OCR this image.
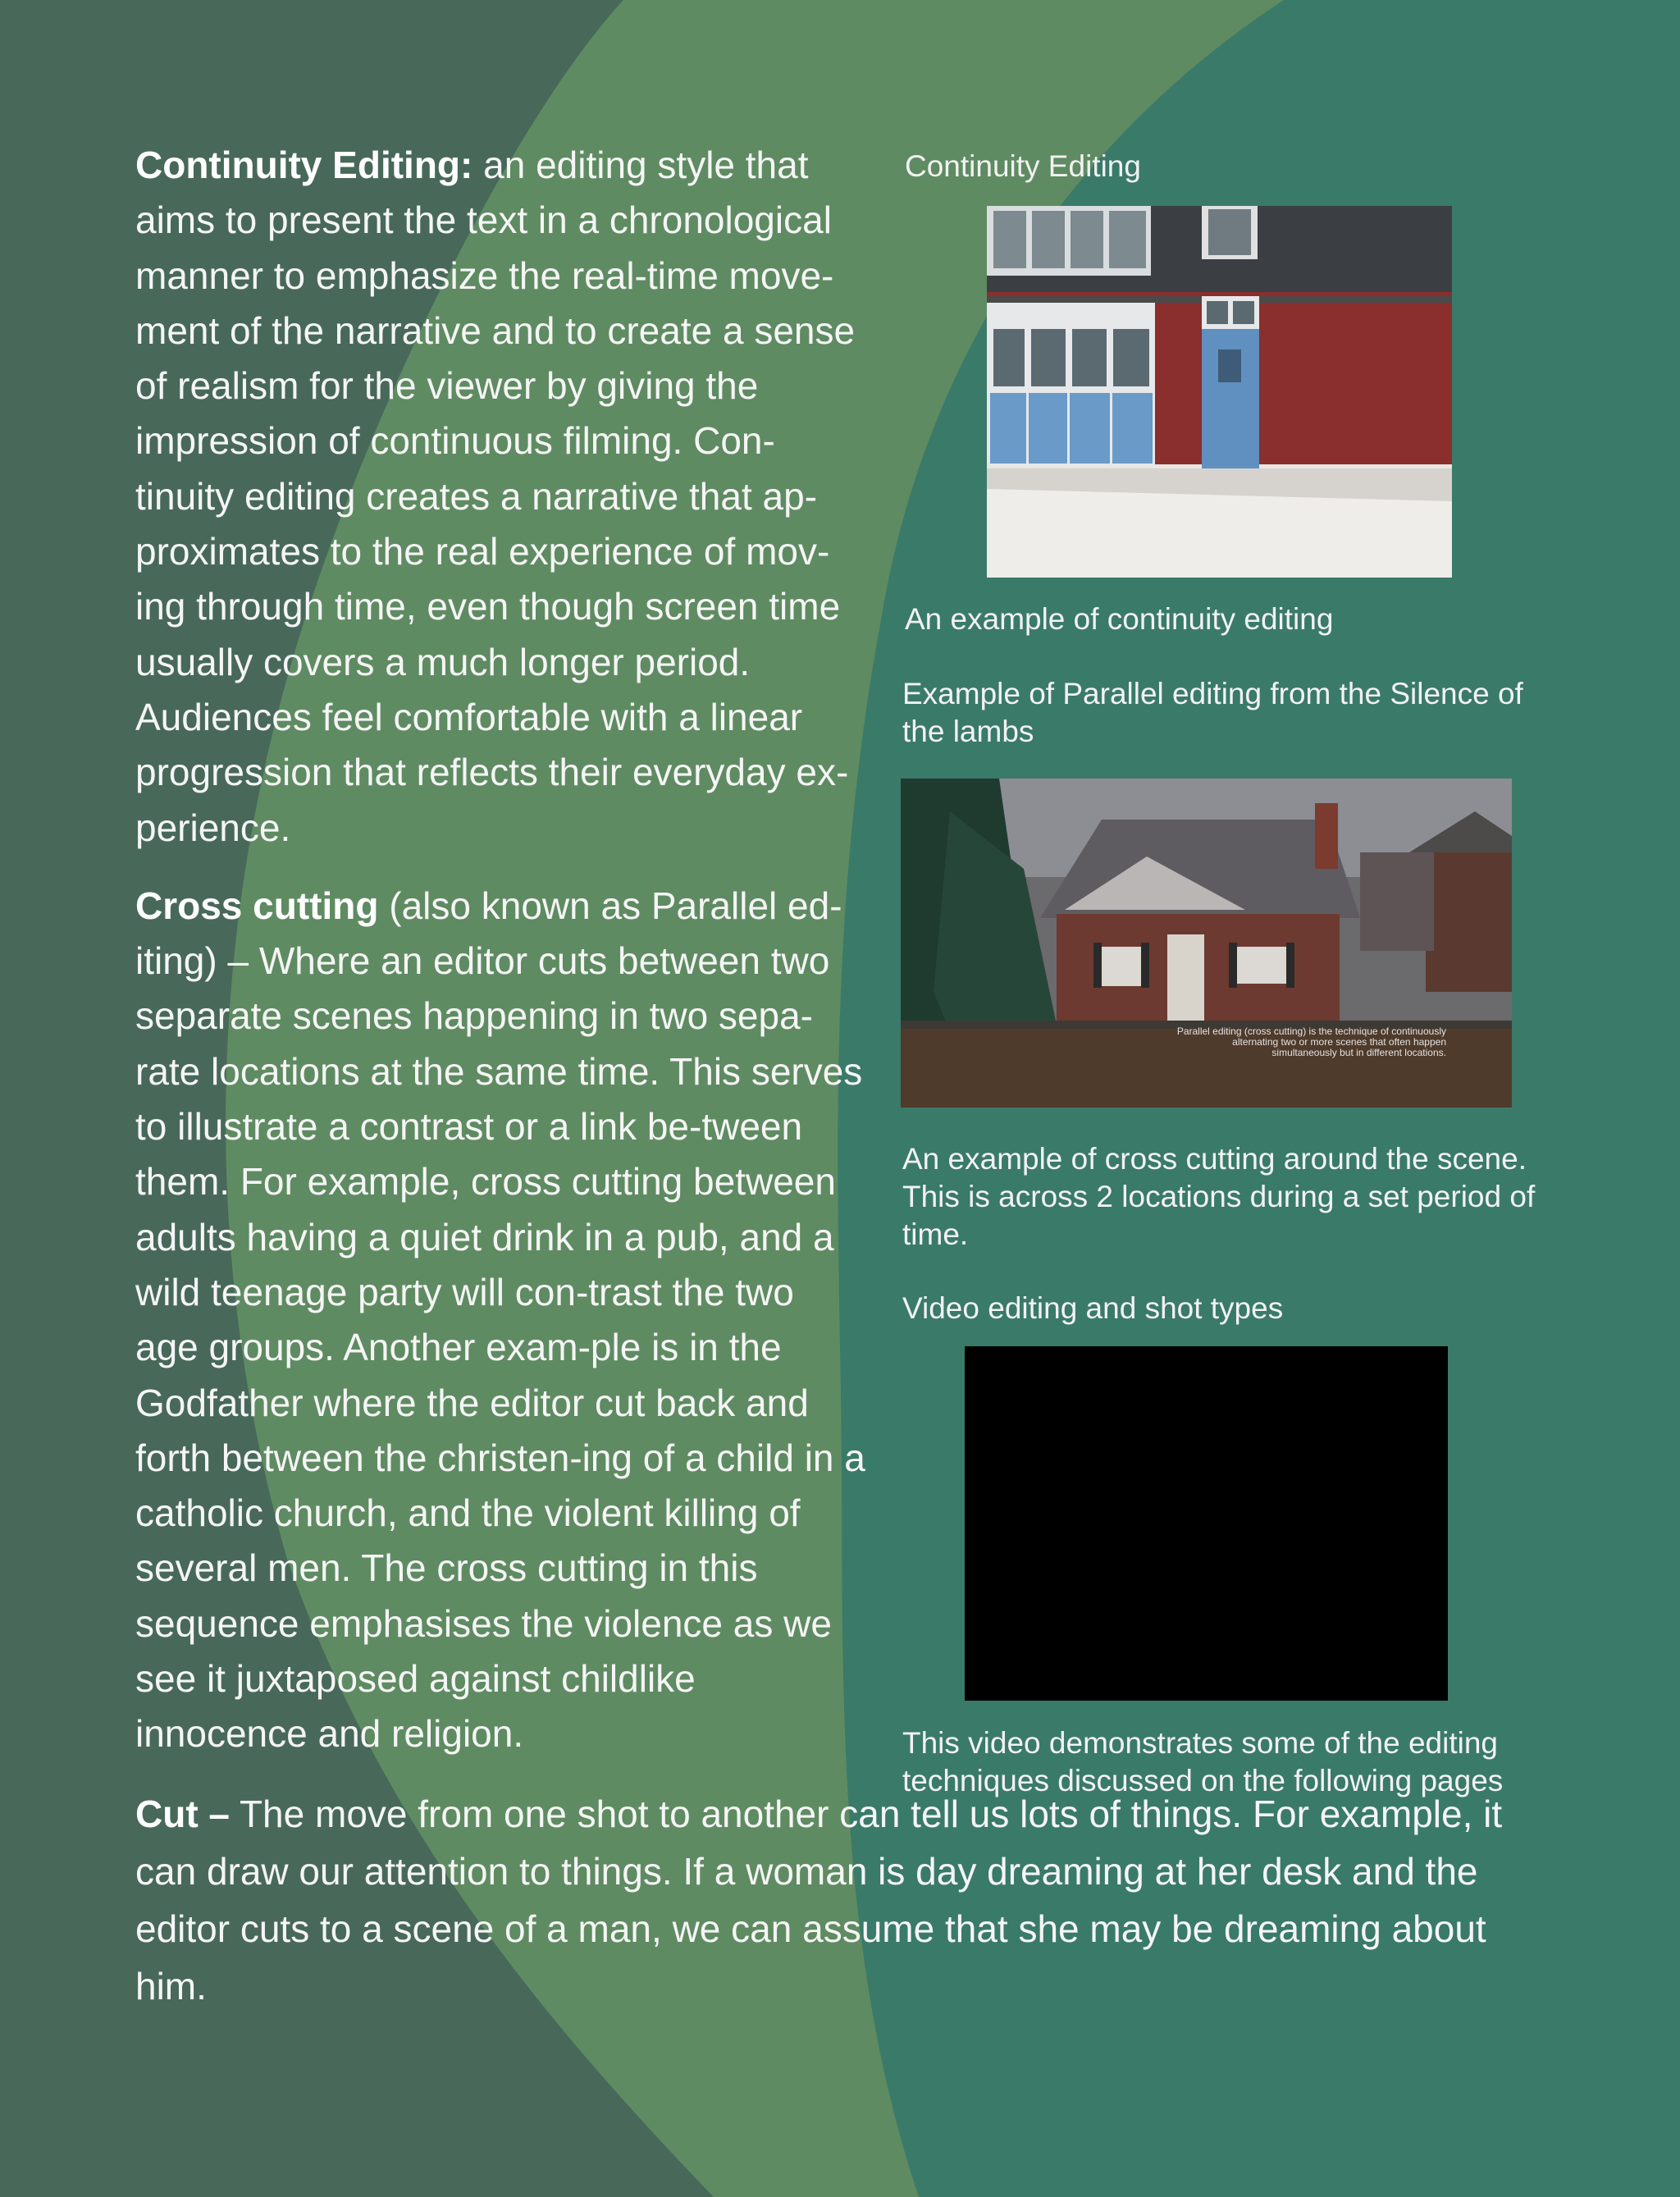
Continuity Editing: an editing style that aims to present the text in a chronological manner to emphasize the real-time move-ment of the narrative and to create a sense of realism for the viewer by giving the impression of continuous filming. Con-tinuity editing creates a narrative that ap-proximates to the real experience of mov-ing through time, even though screen time usually covers a much longer period. Audiences feel comfortable with a linear progression that reflects their everyday ex-perience.

Cross cutting (also known as Parallel ed-iting) – Where an editor cuts between two separate scenes happening in two sepa-rate locations at the same time. This serves to illustrate a contrast or a link be-tween them. For example, cross cutting between adults having a quiet drink in a pub, and a wild teenage party will con-trast the two age groups. Another exam-ple is in the Godfather where the editor cut back and forth between the christen-ing of a child in a catholic church, and the violent killing of several men. The cross cutting in this sequence emphasises the violence as we see it juxtaposed against childlike innocence and religion.

Cut – The move from one shot to another can tell us lots of things. For example, it can draw our attention to things. If a woman is day dreaming at her desk and the editor cuts to a scene of a man, we can assume that she may be dreaming about him.
Continuity Editing
An example of continuity editing
Example of Parallel editing from the Silence of the lambs
Parallel editing (cross cutting) is the technique of continuously
alternating two or more scenes that often happen
simultaneously but in different locations.
An example of cross cutting around the scene. This is across 2 locations during a set period of time.
Video editing and shot types
This video demonstrates some of the editing techniques discussed on the following pages
